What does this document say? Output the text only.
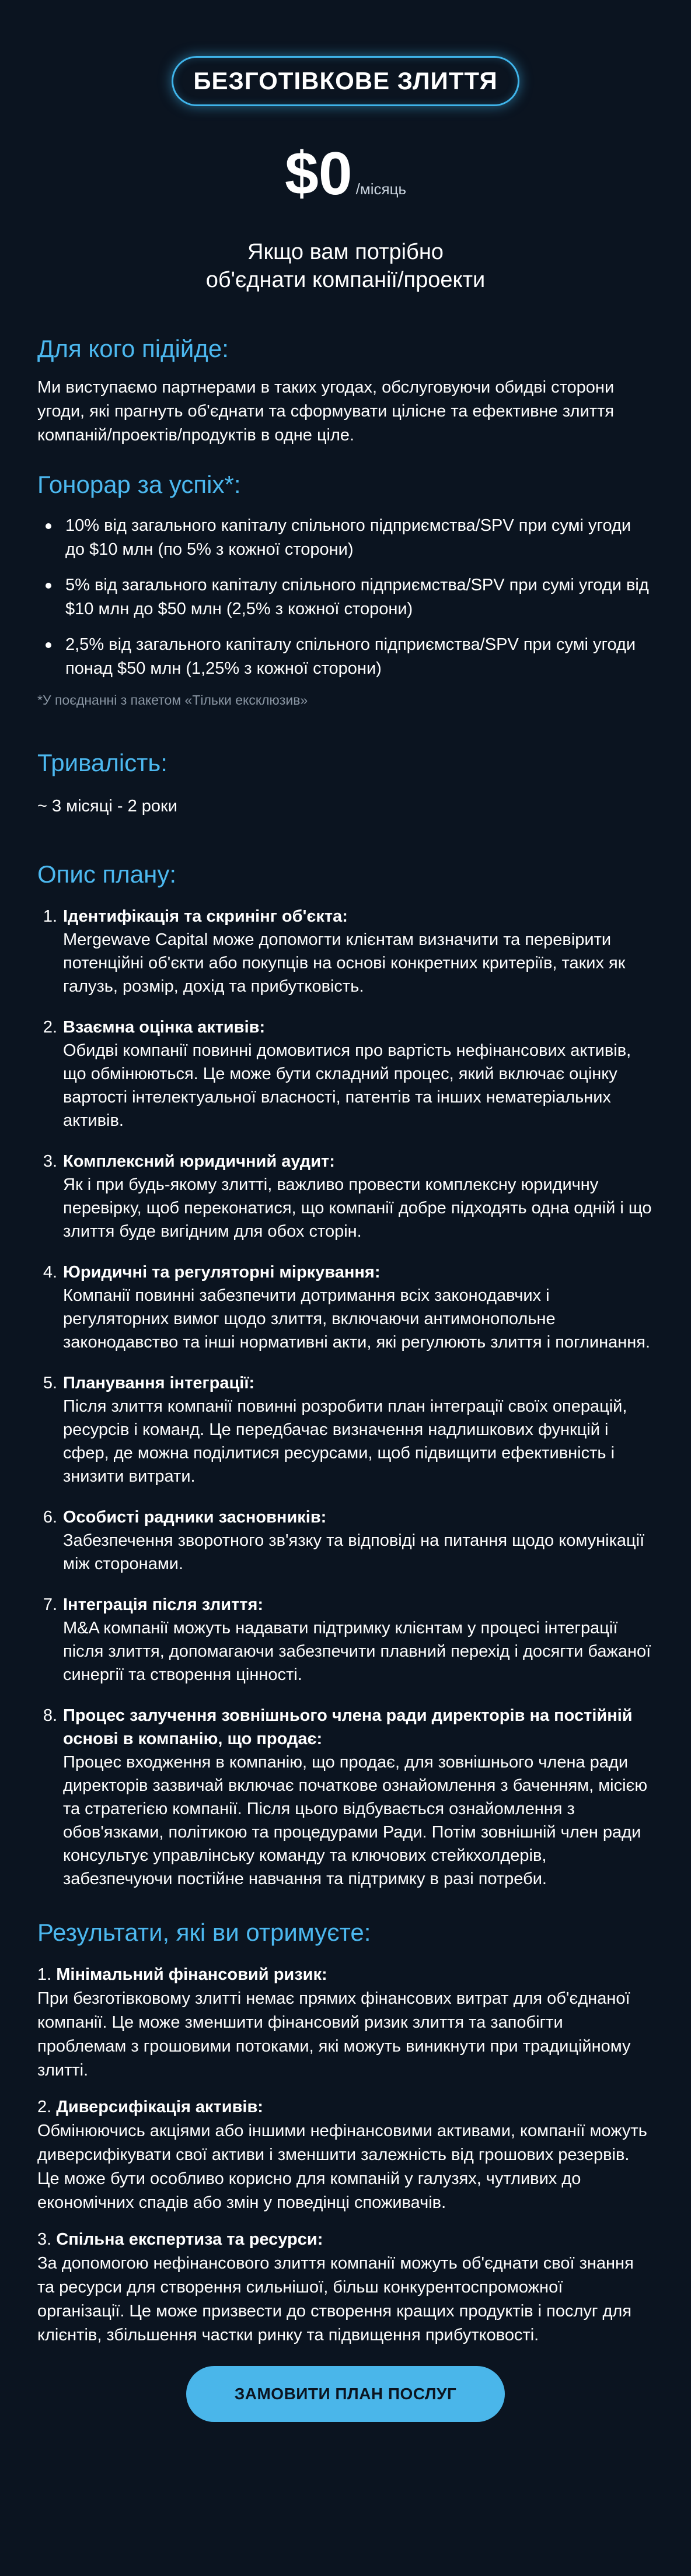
БЕЗГОТІВКОВЕ ЗЛИТТЯ
$0 /місяць
Якщо вам потрібно
об'єднати компанії/проекти
Для кого підійде:

Ми виступаємо партнерами в таких угодах, обслуговуючи обидві сторони угоди, які прагнуть об'єднати та сформувати цілісне та ефективне злиття компаній/проектів/продуктів в одне ціле.

Гонорар за успіх*:
10% від загального капіталу спільного підприємства/SPV при сумі угоди до $10 млн (по 5% з кожної сторони)
5% від загального капіталу спільного підприємства/SPV при сумі угоди від $10 млн до $50 млн (2,5% з кожної сторони)
2,5% від загального капіталу спільного підприємства/SPV при сумі угоди понад $50 млн (1,25% з кожної сторони)

*У поєднанні з пакетом «Тільки ексклюзив»

Тривалість:

~ 3 місяці - 2 роки

Опис плану:
1. Ідентифікація та скринінг об'єкта:
Mergewave Capital може допомогти клієнтам визначити та перевірити потенційні об'єкти або покупців на основі конкретних критеріїв, таких як галузь, розмір, дохід та прибутковість.
2. Взаємна оцінка активів:
Обидві компанії повинні домовитися про вартість нефінансових активів, що обмінюються. Це може бути складний процес, який включає оцінку вартості інтелектуальної власності, патентів та інших нематеріальних активів.
3. Комплексний юридичний аудит:
Як і при будь-якому злитті, важливо провести комплексну юридичну перевірку, щоб переконатися, що компанії добре підходять одна одній і що злиття буде вигідним для обох сторін.
4. Юридичні та регуляторні міркування:
Компанії повинні забезпечити дотримання всіх законодавчих і регуляторних вимог щодо злиття, включаючи антимонопольне законодавство та інші нормативні акти, які регулюють злиття і поглинання.
5. Планування інтеграції:
Після злиття компанії повинні розробити план інтеграції своїх операцій, ресурсів і команд. Це передбачає визначення надлишкових функцій і сфер, де можна поділитися ресурсами, щоб підвищити ефективність і знизити витрати.
6. Особисті радники засновників:
Забезпечення зворотного зв'язку та відповіді на питання щодо комунікації між сторонами.
7. Інтеграція після злиття:
M&A компанії можуть надавати підтримку клієнтам у процесі інтеграції після злиття, допомагаючи забезпечити плавний перехід і досягти бажаної синергії та створення цінності.
8. Процес залучення зовнішнього члена ради директорів на постійній основі в компанію, що продає:
Процес входження в компанію, що продає, для зовнішнього члена ради директорів зазвичай включає початкове ознайомлення з баченням, місією та стратегією компанії. Після цього відбувається ознайомлення з обов'язками, політикою та процедурами Ради. Потім зовнішній член ради консультує управлінську команду та ключових стейкхолдерів, забезпечуючи постійне навчання та підтримку в разі потреби.
Результати, які ви отримуєте:
1. Мінімальний фінансовий ризик:
При безготівковому злитті немає прямих фінансових витрат для об'єднаної компанії. Це може зменшити фінансовий ризик злиття та запобігти проблемам з грошовими потоками, які можуть виникнути при традиційному злитті.
2. Диверсифікація активів:
Обмінюючись акціями або іншими нефінансовими активами, компанії можуть диверсифікувати свої активи і зменшити залежність від грошових резервів. Це може бути особливо корисно для компаній у галузях, чутливих до економічних спадів або змін у поведінці споживачів.
3. Спільна експертиза та ресурси:
За допомогою нефінансового злиття компанії можуть об'єднати свої знання та ресурси для створення сильнішої, більш конкурентоспроможної організації. Це може призвести до створення кращих продуктів і послуг для клієнтів, збільшення частки ринку та підвищення прибутковості.
ЗАМОВИТИ ПЛАН ПОСЛУГ
